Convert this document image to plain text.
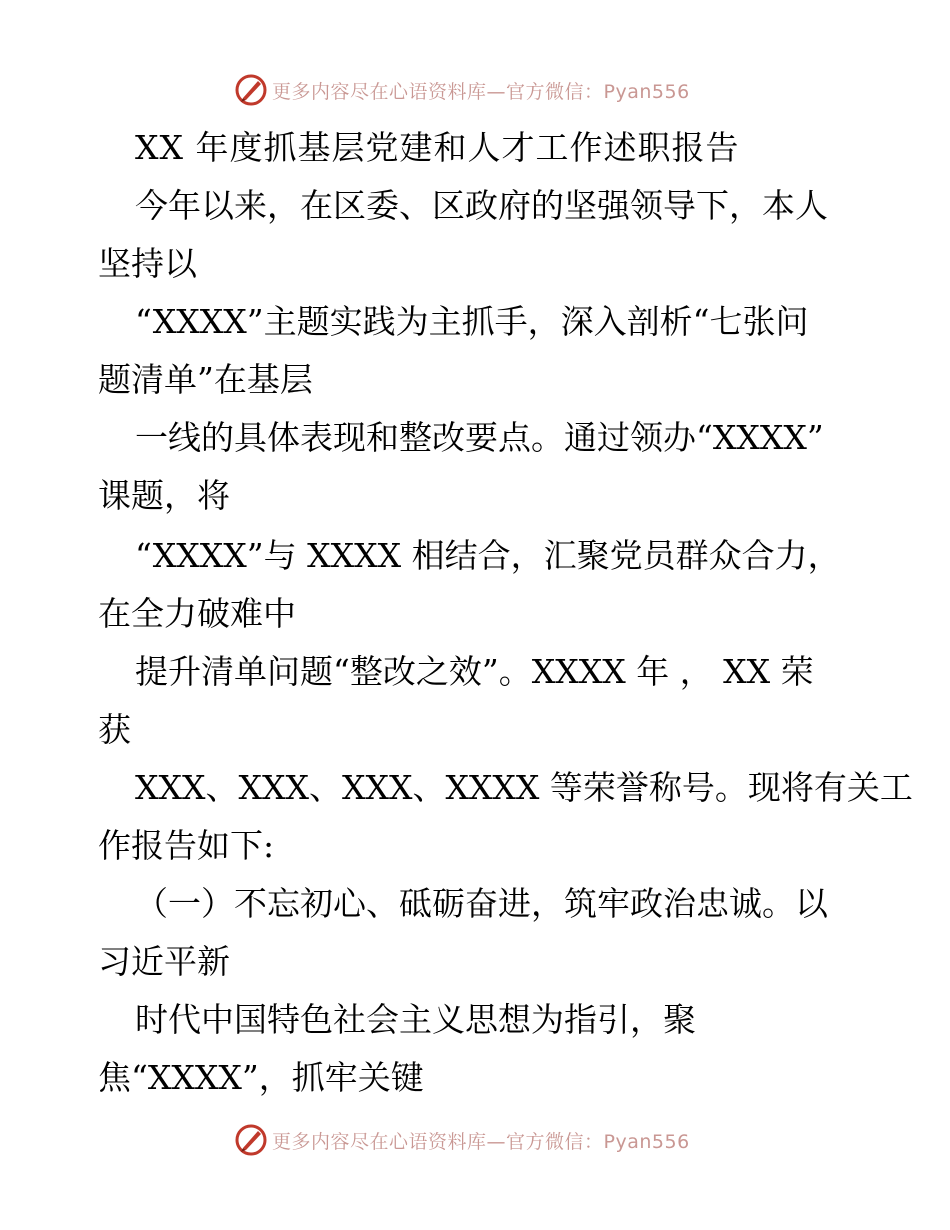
更多内容尽在心语资料库—官方微信：Pyan556
XX 年度抓基层党建和人才工作述职报告
今年以来，在区委、区政府的坚强领导下，本人
坚持以
“XXXX”主题实践为主抓手，深入剖析“七张问
题清单”在基层
一线的具体表现和整改要点。通过领办“XXXX”
课题，将
“XXXX”与 XXXX 相结合，汇聚党员群众合力，
在全力破难中
提升清单问题“整改之效”。XXXX 年 ， XX 荣
获
XXX、XXX、XXX、XXXX 等荣誉称号。现将有关工
作报告如下:
（一）不忘初心、砥砺奋进，筑牢政治忠诚。以
习近平新
时代中国特色社会主义思想为指引，聚
焦“XXXX”，抓牢关键
更多内容尽在心语资料库—官方微信：Pyan556
